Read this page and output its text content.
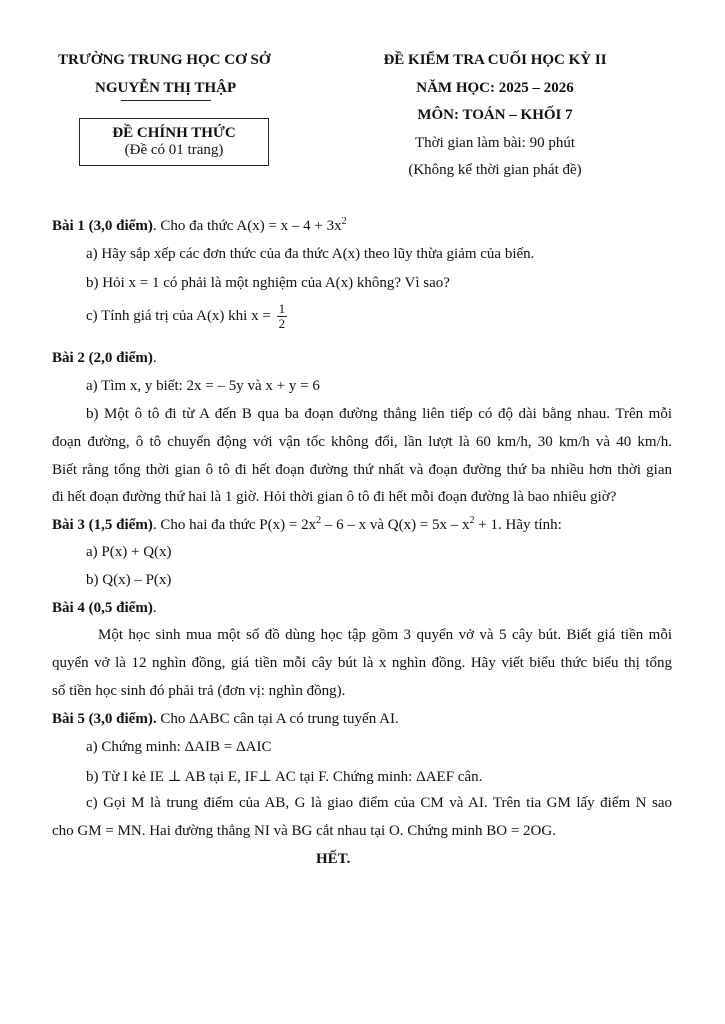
TRƯỜNG TRUNG HỌC CƠ SỞ
NGUYỄN THỊ THẬP
ĐỀ CHÍNH THỨC
(Đề có 01 trang)
ĐỀ KIỂM TRA CUỐI HỌC KỲ II
NĂM HỌC: 2025 – 2026
MÔN: TOÁN – KHỐI 7
Thời gian làm bài: 90 phút
(Không kể thời gian phát đề)
Bài 1 (3,0 điểm). Cho đa thức $A(x) = x - 4 + 3x^2$
a) Hãy sắp xếp các đơn thức của đa thức A(x) theo lũy thừa giảm của biến.
b) Hỏi x = 1 có phải là một nghiệm của A(x) không? Vì sao?
c) Tính giá trị của A(x) khi $x = \frac{1}{2}$
Bài 2 (2,0 điểm).
a) Tìm x, y biết: 2x = – 5y và x + y = 6
b) Một ô tô đi từ A đến B qua ba đoạn đường thẳng liên tiếp có độ dài bằng nhau. Trên mỗi
đoạn đường, ô tô chuyển động với vận tốc không đổi, lần lượt là 60 km/h, 30 km/h và 40 km/h.
Biết rằng tổng thời gian ô tô đi hết đoạn đường thứ nhất và đoạn đường thứ ba nhiều hơn thời gian
đi hết đoạn đường thứ hai là 1 giờ. Hỏi thời gian ô tô đi hết mỗi đoạn đường là bao nhiêu giờ?
Bài 3 (1,5 điểm). Cho hai đa thức $P(x) = 2x^2 - 6 - x$ và $Q(x) = 5x - x^2 + 1$. Hãy tính:
a) P(x) + Q(x)
b) Q(x) – P(x)
Bài 4 (0,5 điểm).
Một học sinh mua một số đồ dùng học tập gồm 3 quyển vở và 5 cây bút. Biết giá tiền mỗi
quyển vở là 12 nghìn đồng, giá tiền mỗi cây bút là x nghìn đồng. Hãy viết biểu thức biểu thị tổng
số tiền học sinh đó phải trả (đơn vị: nghìn đồng).
Bài 5 (3,0 điểm). Cho ΔABC cân tại A có trung tuyến AI.
a) Chứng minh: ΔAIB = ΔAIC
b) Từ I kẻ IE ⊥ AB tại E, IF⊥ AC tại F. Chứng minh: ΔAEF cân.
c) Gọi M là trung điểm của AB, G là giao điểm của CM và AI. Trên tia GM lấy điểm N sao
cho GM = MN. Hai đường thẳng NI và BG cắt nhau tại O. Chứng minh BO = 2OG.
HẾT.
